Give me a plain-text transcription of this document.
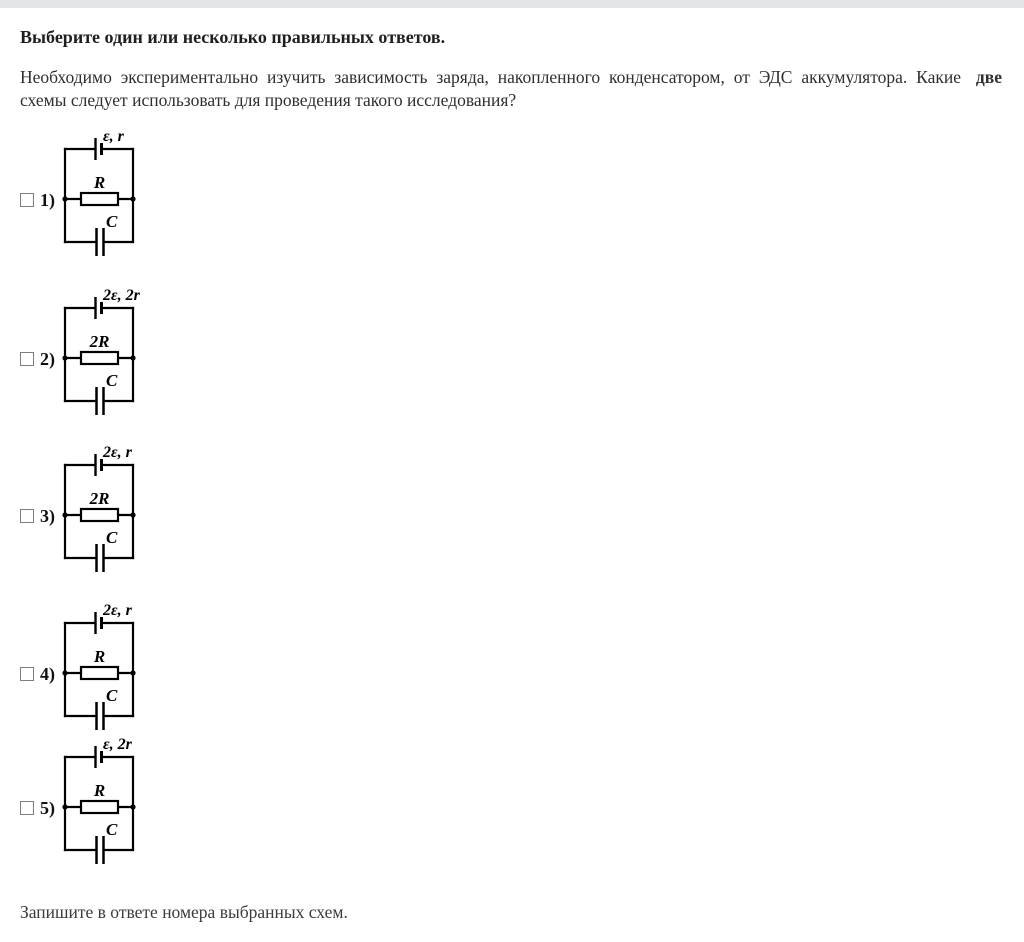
Выберите один или несколько правильных ответов.

Необходимо экспериментально изучить зависимость заряда, накопленного конденсатором, от ЭДС аккумулятора. Какие две
схемы следует использовать для проведения такого исследования?

1)
ε, r
R
C
2)
2ε, 2r
2R
C
3)
2ε, r
2R
C
4)
2ε, r
R
C
5)
ε, 2r
R
C

Запишите в ответе номера выбранных схем.
